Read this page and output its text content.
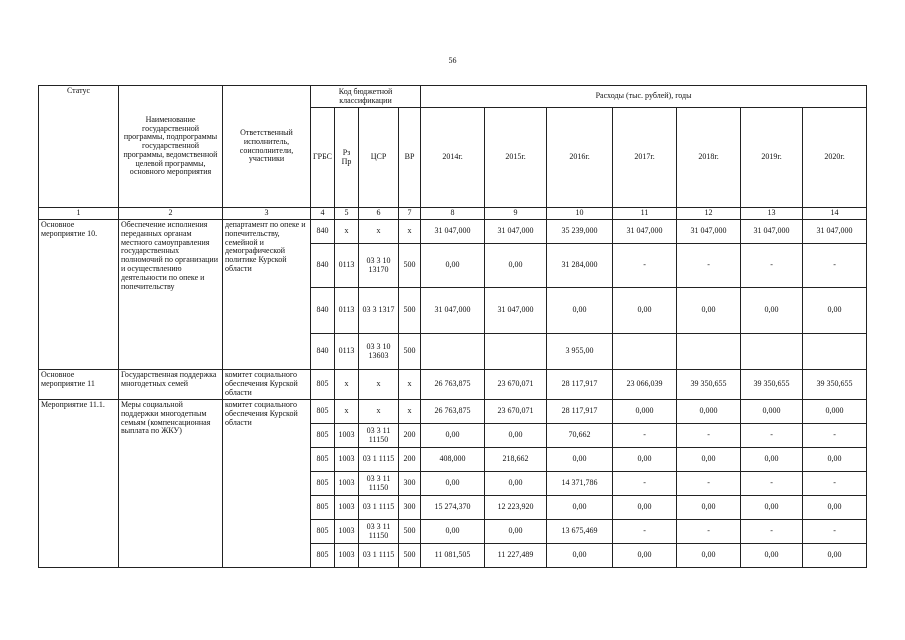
56
Статус	Наименование государственной программы, подпрограммы государственной программы, ведомственной целевой программы, основного мероприятия	Ответственный исполнитель, соисполнители, участники	Код бюджетной классификации				Расходы (тыс. рублей), годы						
			ГРБС	Рз Пр	ЦСР	ВР	2014г.	2015г.	2016г.	2017г.	2018г.	2019г.	2020г.
1	2	3	4	5	6	7	8	9	10	11	12	13	14
Основное мероприятие 10.	Обеспечение исполнения переданных органам местного самоуправления государственных полномочий по организации и осуществлению деятельности по опеке и попечительству	департамент по опеке и попечительству, семейной и демографической политике Курской области	840	х	х	х	31 047,000	31 047,000	35 239,000	31 047,000	31 047,000	31 047,000	31 047,000
			840	0113	03 3 10 13170	500	0,00	0,00	31 284,000	-	-	-	-
			840	0113	03 3 1317	500	31 047,000	31 047,000	0,00	0,00	0,00	0,00	0,00
			840	0113	03 3 10 13603	500			3 955,00				
Основное мероприятие 11	Государственная поддержка многодетных семей	комитет социального обеспечения Курской области	805	х	х	х	26 763,875	23 670,071	28 117,917	23 066,039	39 350,655	39 350,655	39 350,655
Мероприятие 11.1.	Меры социальной поддержки многодетным семьям (компенсационная выплата по ЖКУ)	комитет социального обеспечения Курской области	805	х	х	х	26 763,875	23 670,071	28 117,917	0,000	0,000	0,000	0,000
			805	1003	03 3 11 11150	200	0,00	0,00	70,662	-	-	-	-
			805	1003	03 1 1115	200	408,000	218,662	0,00	0,00	0,00	0,00	0,00
			805	1003	03 3 11 11150	300	0,00	0,00	14 371,786	-	-	-	-
			805	1003	03 1 1115	300	15 274,370	12 223,920	0,00	0,00	0,00	0,00	0,00
			805	1003	03 3 11 11150	500	0,00	0,00	13 675,469	-	-	-	-
			805	1003	03 1 1115	500	11 081,505	11 227,489	0,00	0,00	0,00	0,00	0,00
